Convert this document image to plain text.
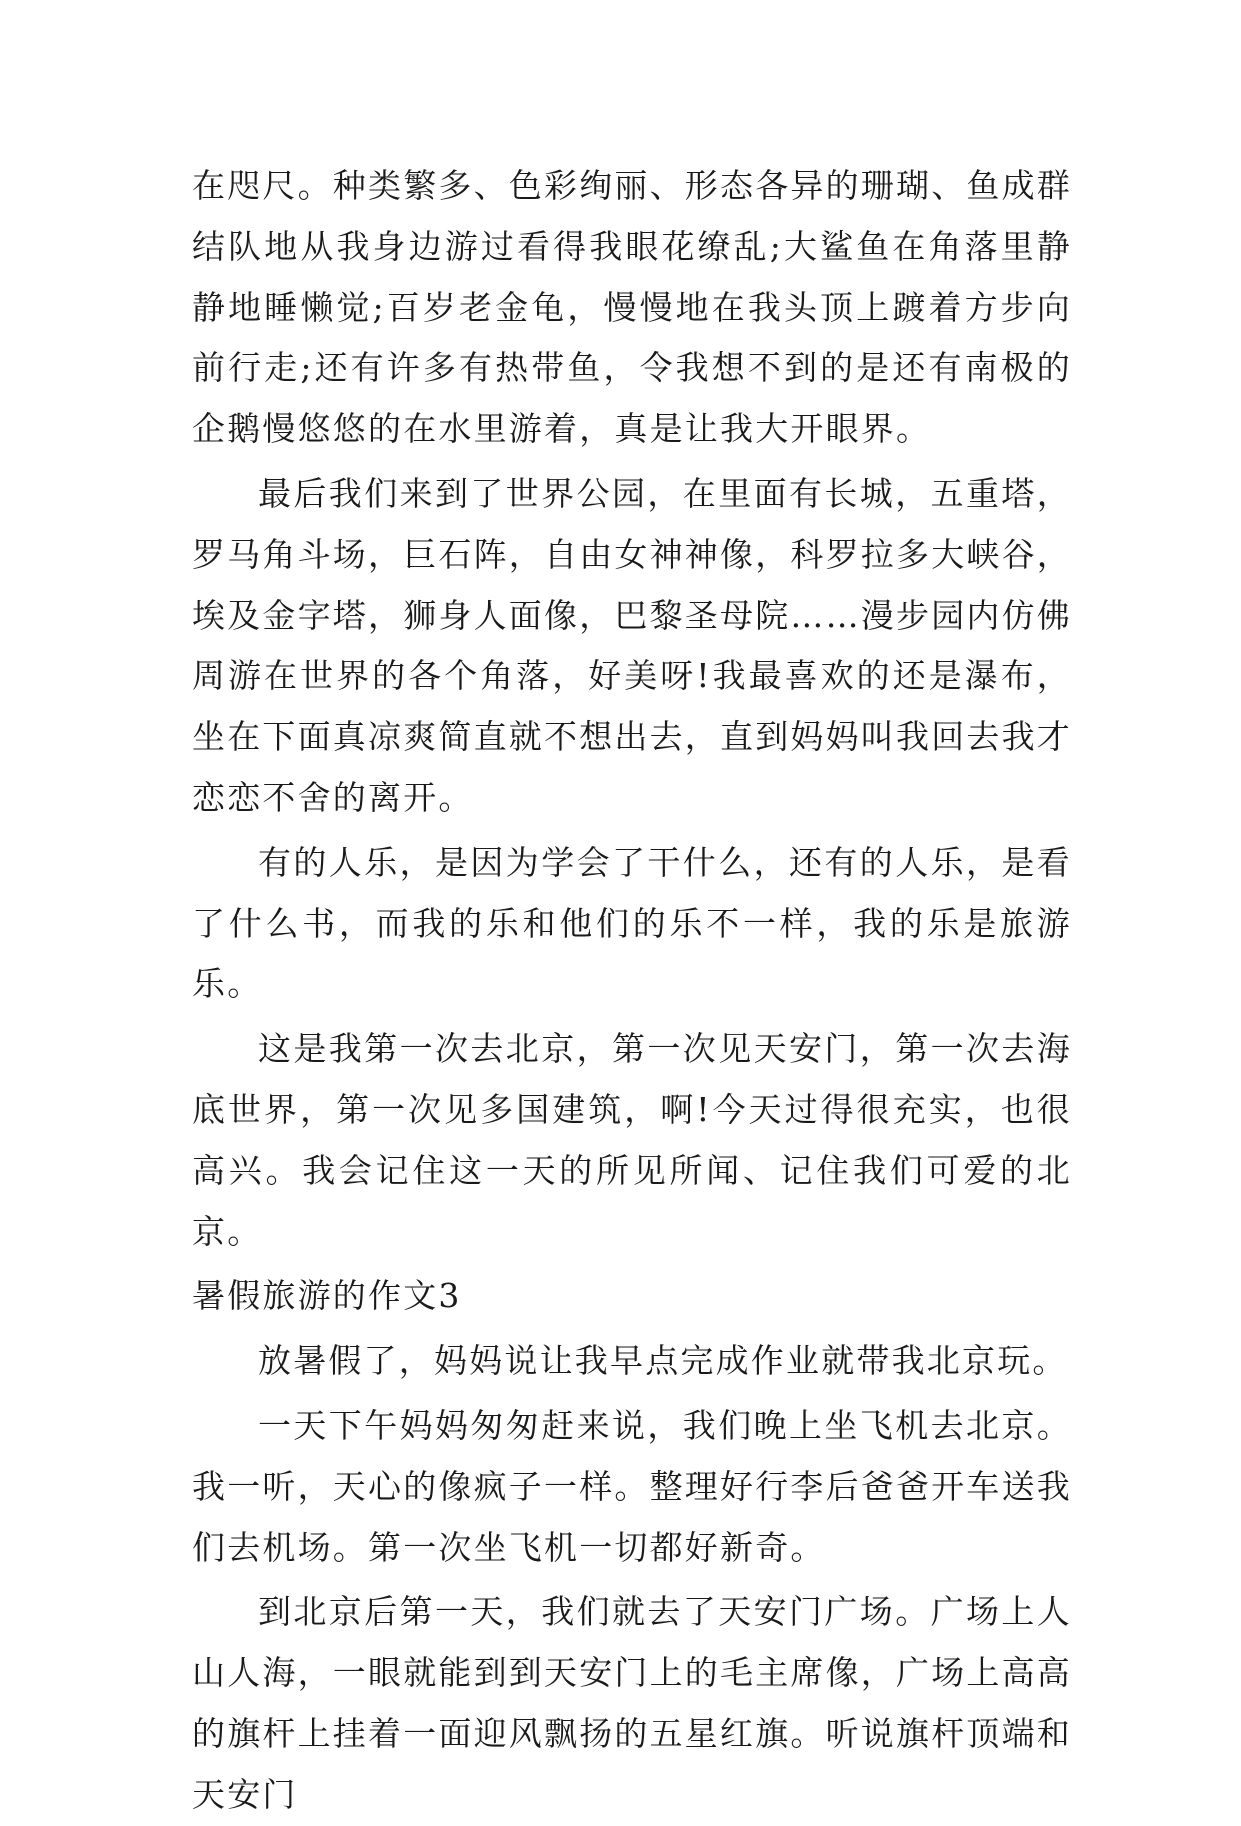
在咫尺。种类繁多、色彩绚丽、形态各异的珊瑚、鱼成群结队地从我身边游过看得我眼花缭乱;大鲨鱼在角落里静静地睡懒觉;百岁老金龟，慢慢地在我头顶上踱着方步向前行走;还有许多有热带鱼，令我想不到的是还有南极的企鹅慢悠悠的在水里游着，真是让我大开眼界。

最后我们来到了世界公园，在里面有长城，五重塔，罗马角斗场，巨石阵，自由女神神像，科罗拉多大峡谷，埃及金字塔，狮身人面像，巴黎圣母院……漫步园内仿佛周游在世界的各个角落，好美呀!我最喜欢的还是瀑布，坐在下面真凉爽简直就不想出去，直到妈妈叫我回去我才恋恋不舍的离开。

有的人乐，是因为学会了干什么，还有的人乐，是看了什么书，而我的乐和他们的乐不一样，我的乐是旅游乐。

这是我第一次去北京，第一次见天安门，第一次去海底世界，第一次见多国建筑，啊!今天过得很充实，也很高兴。我会记住这一天的所见所闻、记住我们可爱的北京。

暑假旅游的作文3

放暑假了，妈妈说让我早点完成作业就带我北京玩。

一天下午妈妈匆匆赶来说，我们晚上坐飞机去北京。我一听，天心的像疯子一样。整理好行李后爸爸开车送我们去机场。第一次坐飞机一切都好新奇。

到北京后第一天，我们就去了天安门广场。广场上人山人海，一眼就能到到天安门上的毛主席像，广场上高高的旗杆上挂着一面迎风飘扬的五星红旗。听说旗杆顶端和天安门
